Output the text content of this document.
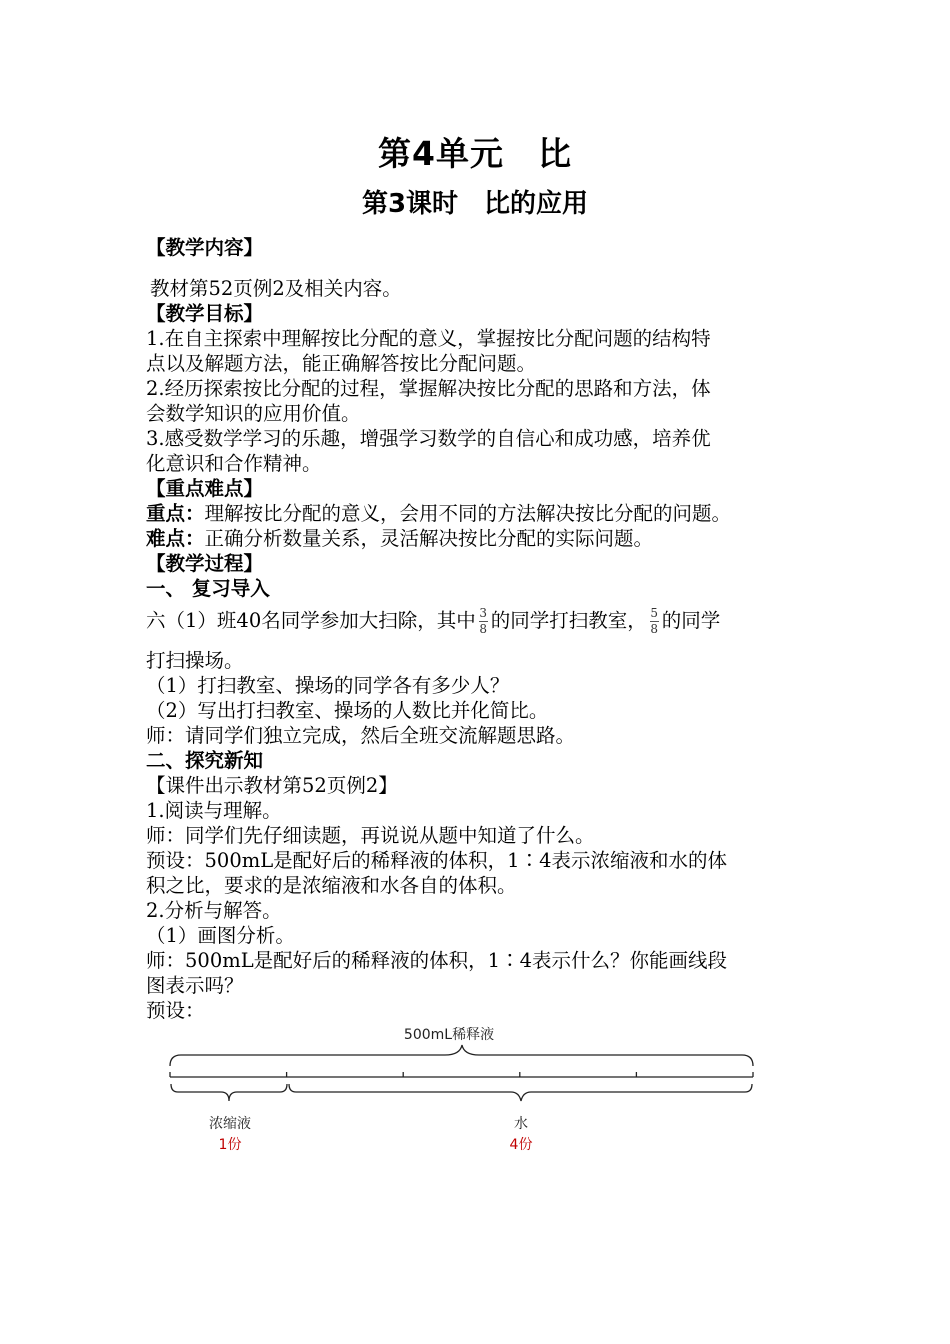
第4单元　比
第3课时　比的应用
【教学内容】
教材第52页例2及相关内容。
【教学目标】
1.在自主探索中理解按比分配的意义，掌握按比分配问题的结构特
点以及解题方法，能正确解答按比分配问题。
2.经历探索按比分配的过程，掌握解决按比分配的思路和方法，体
会数学知识的应用价值。
3.感受数学学习的乐趣，增强学习数学的自信心和成功感，培养优
化意识和合作精神。
【重点难点】
重点：理解按比分配的意义，会用不同的方法解决按比分配的问题。
难点：正确分析数量关系，灵活解决按比分配的实际问题。
【教学过程】
一、 复习导入
六（1）班40名同学参加大扫除，其中 $\frac{3}{8}$ 的同学打扫教室， $\frac{5}{8}$ 的同学
打扫操场。
（1）打扫教室、操场的同学各有多少人？
（2）写出打扫教室、操场的人数比并化简比。
师：请同学们独立完成，然后全班交流解题思路。
二、探究新知
【课件出示教材第52页例2】
1.阅读与理解。
师：同学们先仔细读题，再说说从题中知道了什么。
预设：500mL是配好后的稀释液的体积，1∶4表示浓缩液和水的体
积之比，要求的是浓缩液和水各自的体积。
2.分析与解答。
（1）画图分析。
师：500mL是配好后的稀释液的体积，1∶4表示什么？你能画线段
图表示吗？
预设：
500mL稀释液
浓缩液
1份
水
4份
